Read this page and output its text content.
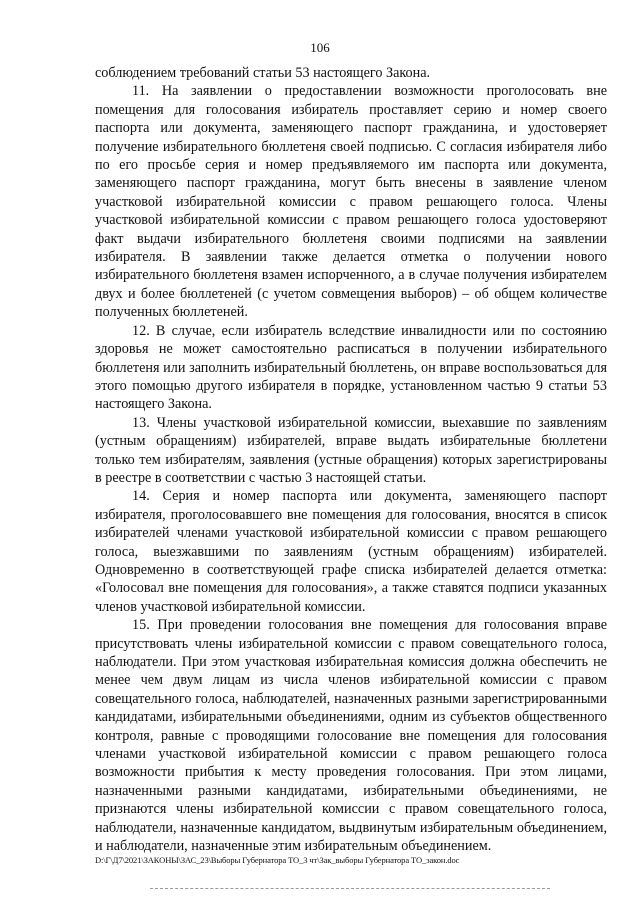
106

соблюдением требований статьи 53 настоящего Закона.

11. На заявлении о предоставлении возможности проголосовать вне помещения для голосования избиратель проставляет серию и номер своего паспорта или документа, заменяющего паспорт гражданина, и удостоверяет получение избирательного бюллетеня своей подписью. С согласия избирателя либо по его просьбе серия и номер предъявляемого им паспорта или документа, заменяющего паспорт гражданина, могут быть внесены в заявление членом участковой избирательной комиссии с правом решающего голоса. Члены участковой избирательной комиссии с правом решающего голоса удостоверяют факт выдачи избирательного бюллетеня своими подписями на заявлении избирателя. В заявлении также делается отметка о получении нового избирательного бюллетеня взамен испорченного, а в случае получения избирателем двух и более бюллетеней (с учетом совмещения выборов) – об общем количестве полученных бюллетеней.

12. В случае, если избиратель вследствие инвалидности или по состоянию здоровья не может самостоятельно расписаться в получении избирательного бюллетеня или заполнить избирательный бюллетень, он вправе воспользоваться для этого помощью другого избирателя в порядке, установленном частью 9 статьи 53 настоящего Закона.

13. Члены участковой избирательной комиссии, выехавшие по заявлениям (устным обращениям) избирателей, вправе выдать избирательные бюллетени только тем избирателям, заявления (устные обращения) которых зарегистрированы в реестре в соответствии с частью 3 настоящей статьи.

14. Серия и номер паспорта или документа, заменяющего паспорт избирателя, проголосовавшего вне помещения для голосования, вносятся в список избирателей членами участковой избирательной комиссии с правом решающего голоса, выезжавшими по заявлениям (устным обращениям) избирателей. Одновременно в соответствующей графе списка избирателей делается отметка: «Голосовал вне помещения для голосования», а также ставятся подписи указанных членов участковой избирательной комиссии.

15. При проведении голосования вне помещения для голосования вправе присутствовать члены избирательной комиссии с правом совещательного голоса, наблюдатели. При этом участковая избирательная комиссия должна обеспечить не менее чем двум лицам из числа членов избирательной комиссии с правом совещательного голоса, наблюдателей, назначенных разными зарегистрированными кандидатами, избирательными объединениями, одним из субъектов общественного контроля, равные с проводящими голосование вне помещения для голосования членами участковой избирательной комиссии с правом решающего голоса возможности прибытия к месту проведения голосования. При этом лицами, назначенными разными кандидатами, избирательными объединениями, не признаются члены избирательной комиссии с правом совещательного голоса, наблюдатели, назначенные кандидатом, выдвинутым избирательным объединением, и наблюдатели, назначенные этим избирательным объединением.

D:\Г\Д7\2021\ЗАКОНЫ\ЗАС_23\Выборы Губернатора ТО_3 чт\Зак_выборы Губернатора ТО_закон.doc
